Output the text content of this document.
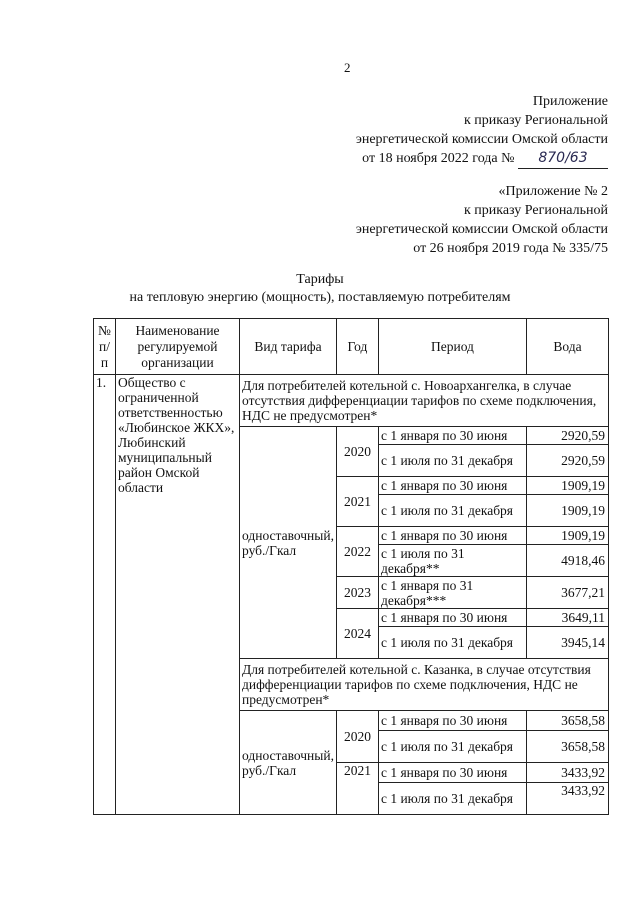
2
Приложение
к приказу Региональной
энергетической комиссии Омской области
от 18 ноября 2022 года № 870/63
«Приложение № 2
к приказу Региональной
энергетической комиссии Омской области
от 26 ноября 2019 года № 335/75
Тарифы
на тепловую энергию (мощность), поставляемую потребителям
№ п/п	Наименование регулируемой организации	Вид тарифа	Год	Период	Вода
1.	Общество с ограниченной ответственностью «Любинское ЖКХ», Любинский муниципальный район Омской области	Для потребителей котельной с. Новоархангелка, в случае отсутствия дифференциации тарифов по схеме подключения, НДС не предусмотрен*			
		одноставочный, руб./Гкал	2020	с 1 января по 30 июня	2920,59
				с 1 июля по 31 декабря	2920,59
			2021	с 1 января по 30 июня	1909,19
				с 1 июля по 31 декабря	1909,19
			2022	с 1 января по 30 июня	1909,19
				с 1 июля по 31 декабря**	4918,46
			2023	с 1 января по 31 декабря***	3677,21
			2024	с 1 января по 30 июня	3649,11
				с 1 июля по 31 декабря	3945,14
		Для потребителей котельной с. Казанка, в случае отсутствия дифференциации тарифов по схеме подключения, НДС не предусмотрен*			
		одноставочный, руб./Гкал	2020	с 1 января по 30 июня	3658,58
				с 1 июля по 31 декабря	3658,58
			2021	с 1 января по 30 июня	3433,92
				с 1 июля по 31 декабря	3433,92
